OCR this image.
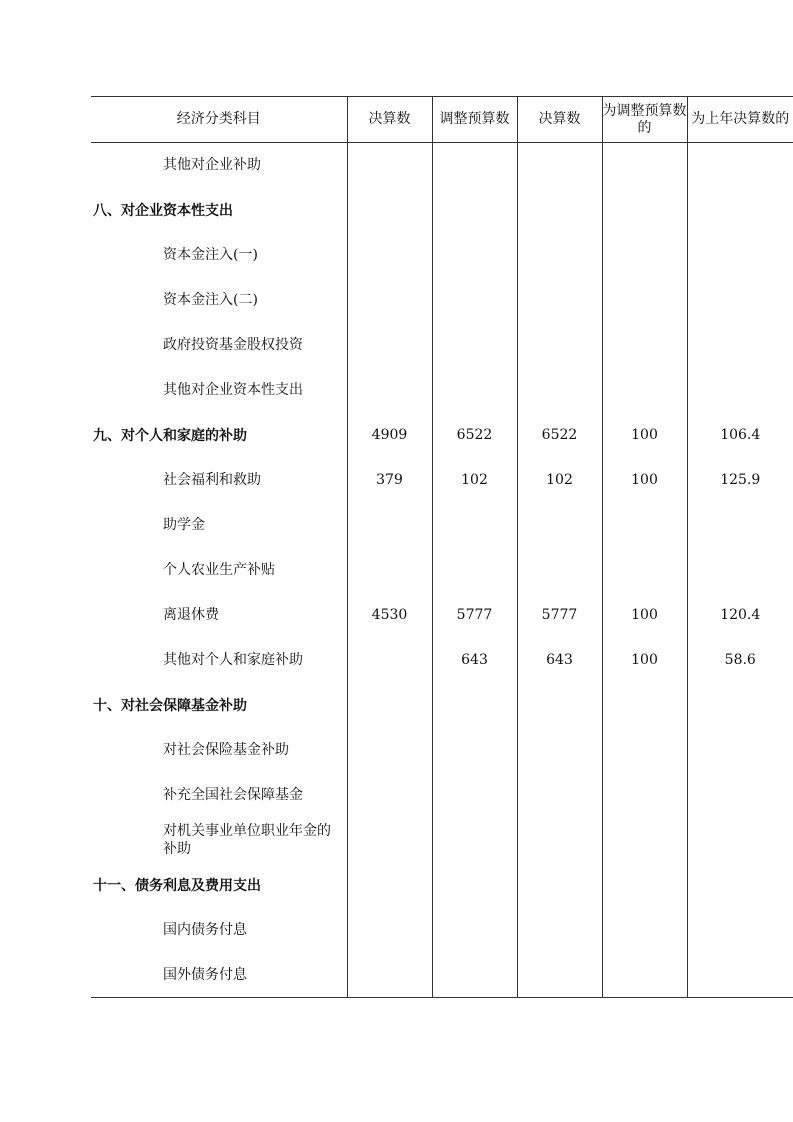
经济分类科目	决算数	调整预算数	决算数	为调整预算数的	为上年决算数的
其他对企业补助					
八、对企业资本性支出					
资本金注入(一)					
资本金注入(二)					
政府投资基金股权投资					
其他对企业资本性支出					
九、对个人和家庭的补助	4909	6522	6522	100	106.4
社会福利和救助	379	102	102	100	125.9
助学金					
个人农业生产补贴					
离退休费	4530	5777	5777	100	120.4
其他对个人和家庭补助		643	643	100	58.6
十、对社会保障基金补助					
对社会保险基金补助					
补充全国社会保障基金					
对机关事业单位职业年金的补助					
十一、债务利息及费用支出					
国内债务付息					
国外债务付息					
